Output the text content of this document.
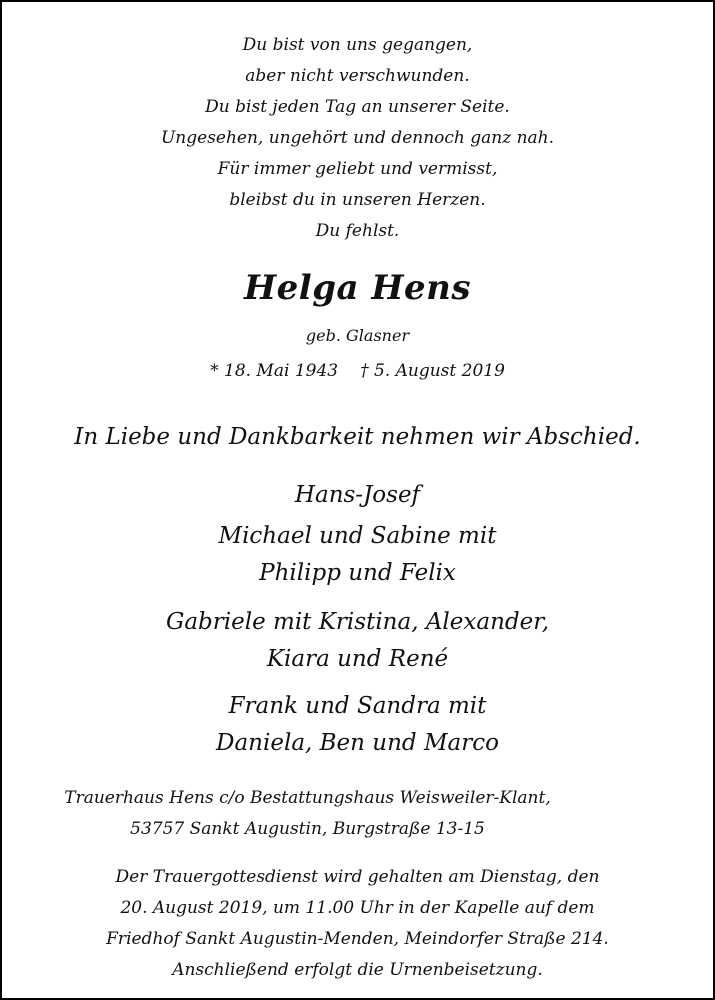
Du bist von uns gegangen,
aber nicht verschwunden.
Du bist jeden Tag an unserer Seite.
Ungesehen, ungehört und dennoch ganz nah.
Für immer geliebt und vermisst,
bleibst du in unseren Herzen.
Du fehlst.
Helga Hens
geb. Glasner
* 18. Mai 1943 † 5. August 2019
In Liebe und Dankbarkeit nehmen wir Abschied.
Hans-Josef
Michael und Sabine mit
Philipp und Felix
Gabriele mit Kristina, Alexander,
Kiara und René
Frank und Sandra mit
Daniela, Ben und Marco
Trauerhaus Hens c/o Bestattungshaus Weisweiler-Klant,
53757 Sankt Augustin, Burgstraße 13-15
Der Trauergottesdienst wird gehalten am Dienstag, den
20. August 2019, um 11.00 Uhr in der Kapelle auf dem
Friedhof Sankt Augustin-Menden, Meindorfer Straße 214.
Anschließend erfolgt die Urnenbeisetzung.
